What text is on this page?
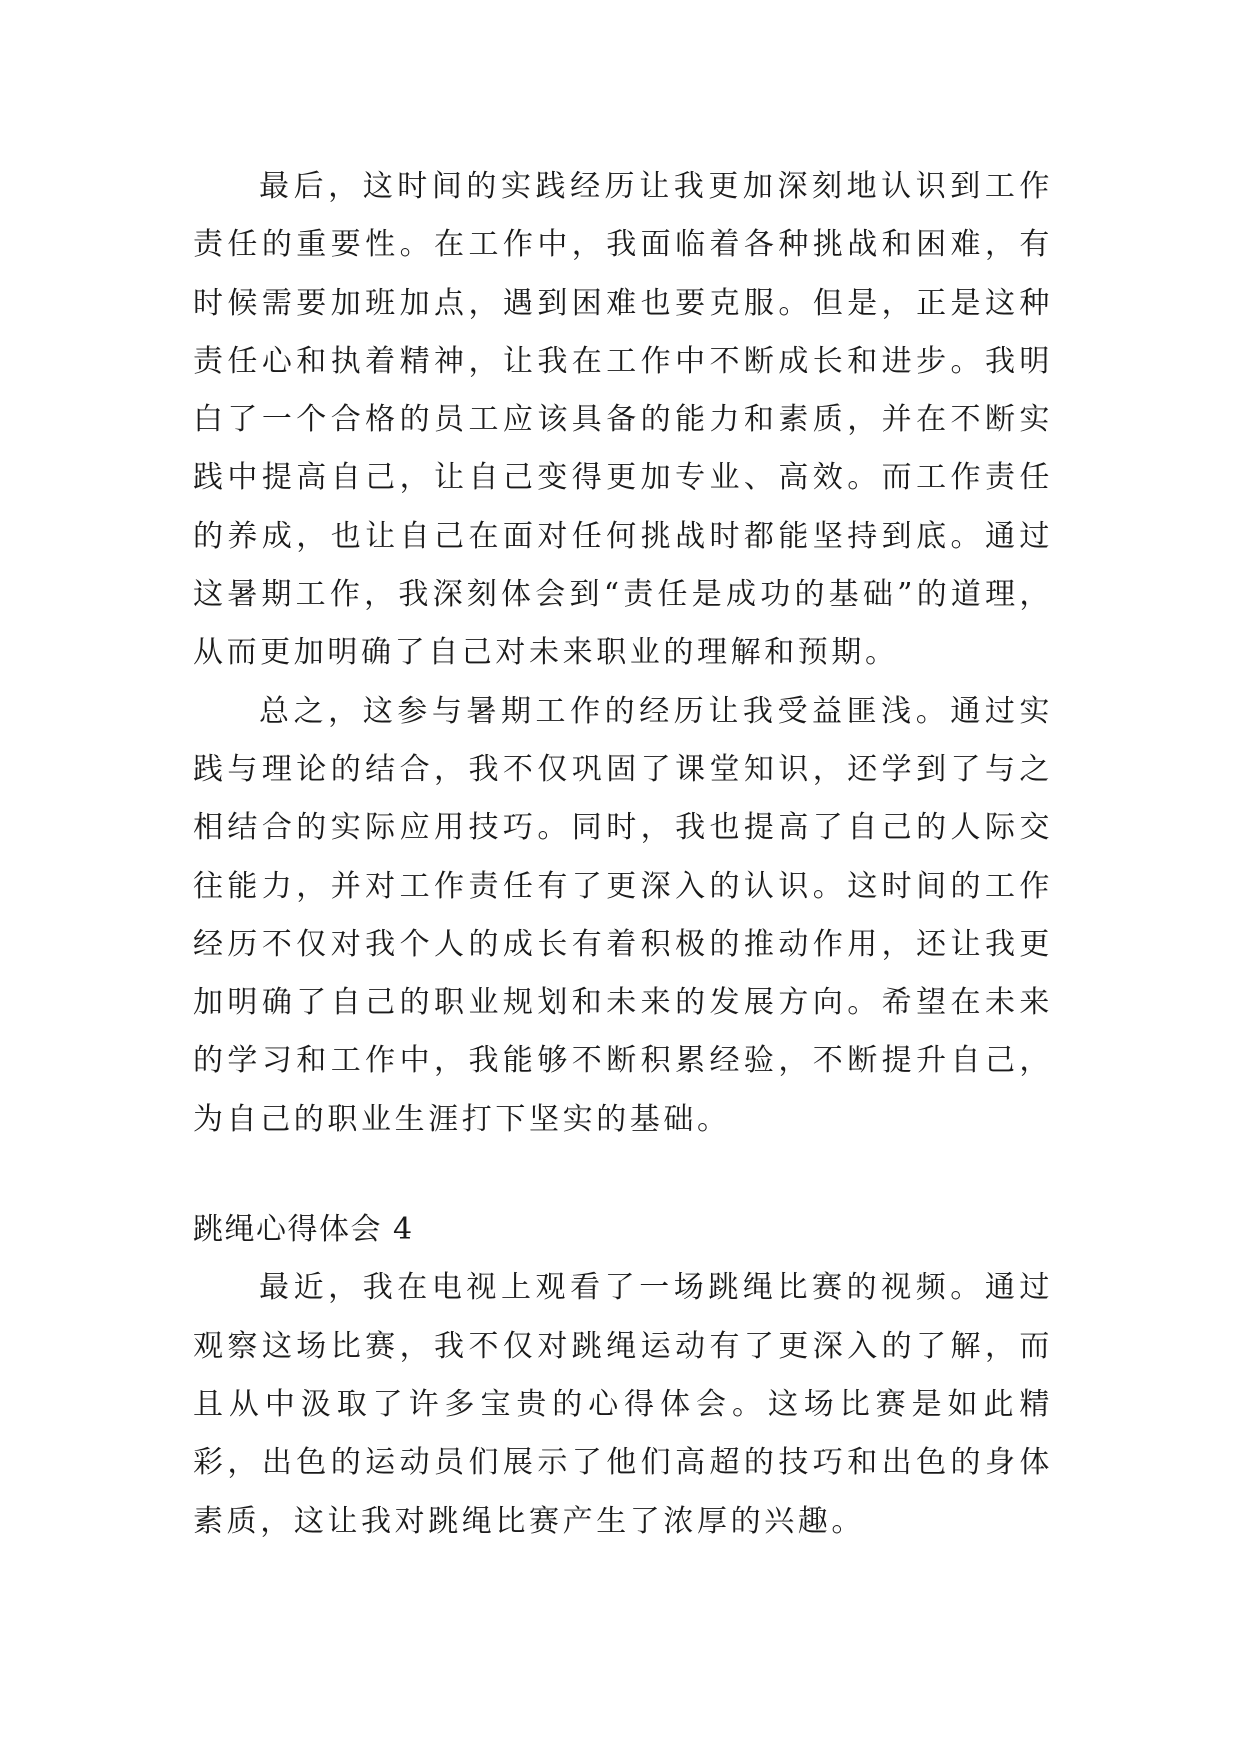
最后，这时间的实践经历让我更加深刻地认识到工作责任的重要性。在工作中，我面临着各种挑战和困难，有时候需要加班加点，遇到困难也要克服。但是，正是这种责任心和执着精神，让我在工作中不断成长和进步。我明白了一个合格的员工应该具备的能力和素质，并在不断实践中提高自己，让自己变得更加专业、高效。而工作责任的养成，也让自己在面对任何挑战时都能坚持到底。通过这暑期工作，我深刻体会到“责任是成功的基础”的道理，从而更加明确了自己对未来职业的理解和预期。

总之，这参与暑期工作的经历让我受益匪浅。通过实践与理论的结合，我不仅巩固了课堂知识，还学到了与之相结合的实际应用技巧。同时，我也提高了自己的人际交往能力，并对工作责任有了更深入的认识。这时间的工作经历不仅对我个人的成长有着积极的推动作用，还让我更加明确了自己的职业规划和未来的发展方向。希望在未来的学习和工作中，我能够不断积累经验，不断提升自己，为自己的职业生涯打下坚实的基础。

跳绳心得体会 4

最近，我在电视上观看了一场跳绳比赛的视频。通过观察这场比赛，我不仅对跳绳运动有了更深入的了解，而且从中汲取了许多宝贵的心得体会。这场比赛是如此精彩，出色的运动员们展示了他们高超的技巧和出色的身体素质，这让我对跳绳比赛产生了浓厚的兴趣。
